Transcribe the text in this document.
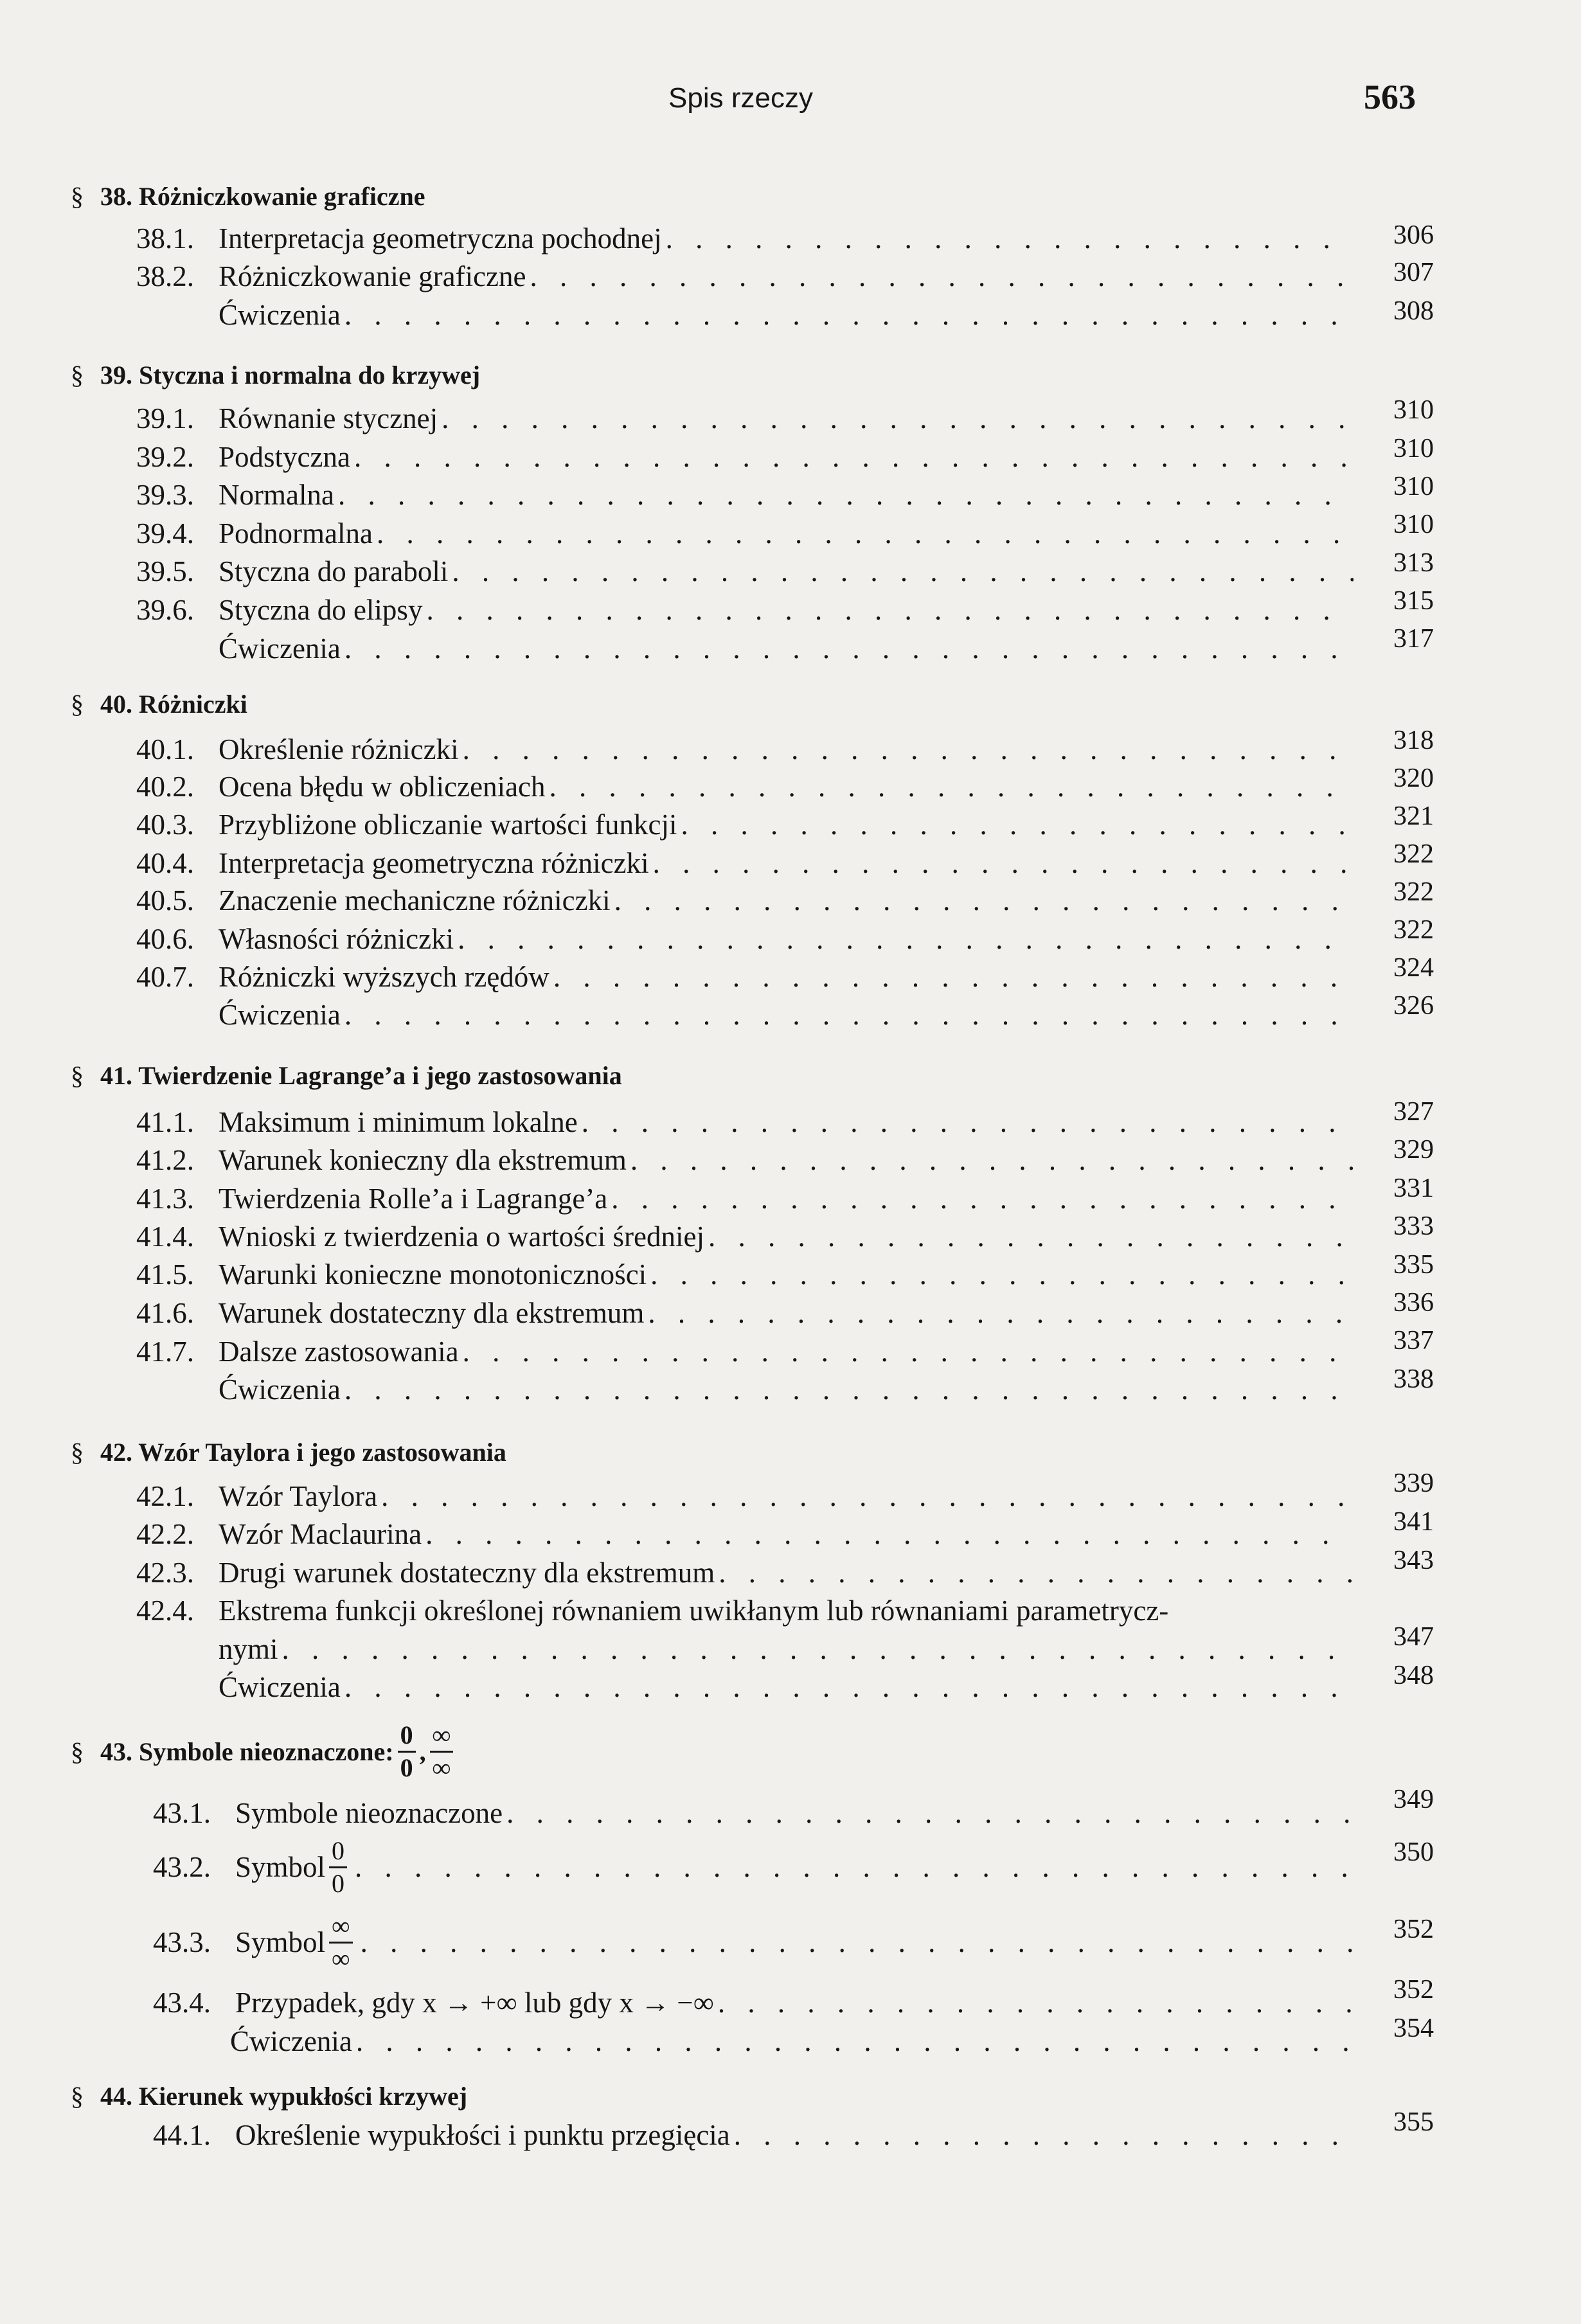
Spis rzeczy	563
§ 38. Różniczkowanie graficzne
38.1. Interpretacja geometryczna pochodnej . . .	306
38.2. Różniczkowanie graficzne . . .	307
Ćwiczenia . . .	308
§ 39. Styczna i normalna do krzywej
39.1. Równanie stycznej . . .	310
39.2. Podstyczna . . .	310
39.3. Normalna . . .	310
39.4. Podnormalna . . .	310
39.5. Styczna do paraboli . . .	313
39.6. Styczna do elipsy . . .	315
Ćwiczenia . . .	317
§ 40. Różniczki
40.1. Określenie różniczki . . .	318
40.2. Ocena błędu w obliczeniach . . .	320
40.3. Przybliżone obliczanie wartości funkcji . . .	321
40.4. Interpretacja geometryczna różniczki . . .	322
40.5. Znaczenie mechaniczne różniczki . . .	322
40.6. Własności różniczki . . .	322
40.7. Różniczki wyższych rzędów . . .	324
Ćwiczenia . . .	326
§ 41. Twierdzenie Lagrange’a i jego zastosowania
41.1. Maksimum i minimum lokalne . . .	327
41.2. Warunek konieczny dla ekstremum . . .	329
41.3. Twierdzenia Rolle’a i Lagrange’a . . .	331
41.4. Wnioski z twierdzenia o wartości średniej . . .	333
41.5. Warunki konieczne monotoniczności . . .	335
41.6. Warunek dostateczny dla ekstremum . . .	336
41.7. Dalsze zastosowania . . .	337
Ćwiczenia . . .	338
§ 42. Wzór Taylora i jego zastosowania
42.1. Wzór Taylora . . .	339
42.2. Wzór Maclaurina . . .	341
42.3. Drugi warunek dostateczny dla ekstremum . . .	343
42.4. Ekstrema funkcji określonej równaniem uwikłanym lub równaniami parametrycz-
nymi . . .	347
Ćwiczenia . . .	348
§ 43.
Symbole nieoznaczone: $\frac{0}{0}$ , $\frac{\infty}{\infty}$
43.1. Symbole nieoznaczone . . .	349
43.2. Symbol $\frac{0}{0}$ . . .	350
43.3. Symbol $\frac{\infty}{\infty}$ . . .	352
43.4. Przypadek, gdy x → +∞ lub gdy x → −∞ . . .	352
Ćwiczenia . . .	354
§ 44. Kierunek wypukłości krzywej
44.1. Określenie wypukłości i punktu przegięcia . . .	355
